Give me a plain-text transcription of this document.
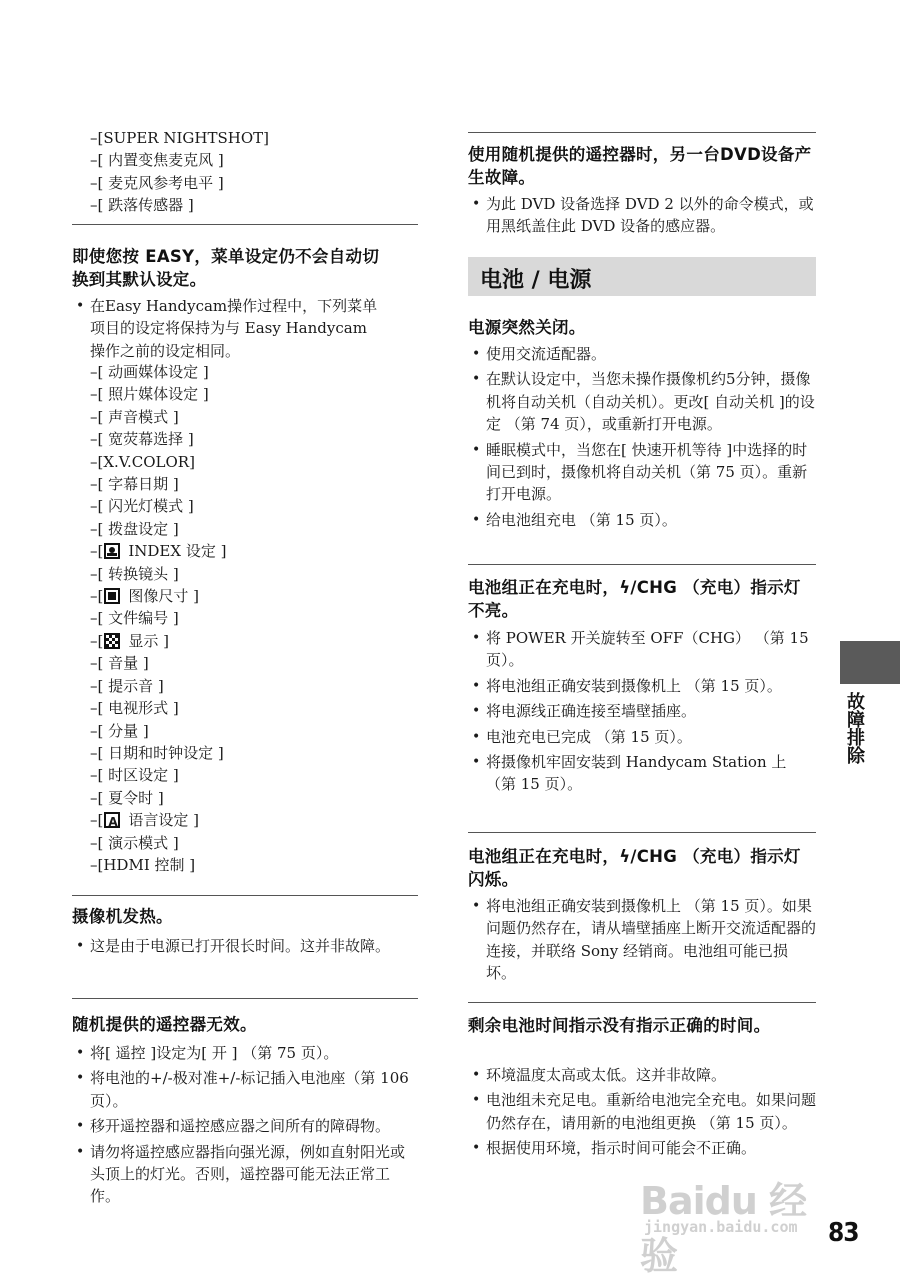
–[SUPER NIGHTSHOT]
–[ 内置变焦麦克风 ]
–[ 麦克风参考电平 ]
–[ 跌落传感器 ]
即使您按 EASY，菜单设定仍不会自动切
换到其默认设定。
• 在Easy Handycam操作过程中，下列菜单
项目的设定将保持为与 Easy Handycam
操作之前的设定相同。
–[ 动画媒体设定 ]
–[ 照片媒体设定 ]
–[ 声音模式 ]
–[ 宽荧幕选择 ]
–[X.V.COLOR]
–[ 字幕日期 ]
–[ 闪光灯模式 ]
–[ 拨盘设定 ]
–[ INDEX 设定 ]
–[ 转换镜头 ]
–[ 图像尺寸 ]
–[ 文件编号 ]
–[ 显示 ]
–[ 音量 ]
–[ 提示音 ]
–[ 电视形式 ]
–[ 分量 ]
–[ 日期和时钟设定 ]
–[ 时区设定 ]
–[ 夏令时 ]
–[A 语言设定 ]
–[ 演示模式 ]
–[HDMI 控制 ]
摄像机发热。
• 这是由于电源已打开很长时间。这并非故障。
随机提供的遥控器无效。
• 将[ 遥控 ]设定为[ 开 ] （第 75 页）。
• 将电池的+/-极对准+/-标记插入电池座（第 106 页）。
• 移开遥控器和遥控感应器之间所有的障碍物。
• 请勿将遥控感应器指向强光源，例如直射阳光或头顶上的灯光。否则，遥控器可能无法正常工作。
使用随机提供的遥控器时，另一台DVD设备产生故障。
• 为此 DVD 设备选择 DVD 2 以外的命令模式，或用黑纸盖住此 DVD 设备的感应器。
电池 / 电源
电源突然关闭。
• 使用交流适配器。
• 在默认设定中，当您未操作摄像机约5分钟，摄像机将自动关机（自动关机）。更改[ 自动关机 ]的设定 （第 74 页），或重新打开电源。
• 睡眠模式中，当您在[ 快速开机等待 ]中选择的时间已到时，摄像机将自动关机（第 75 页）。重新打开电源。
• 给电池组充电 （第 15 页）。
电池组正在充电时，ϟ/CHG （充电）指示灯不亮。
• 将 POWER 开关旋转至 OFF（CHG） （第 15 页）。
• 将电池组正确安装到摄像机上 （第 15 页）。
• 将电源线正确连接至墙壁插座。
• 电池充电已完成 （第 15 页）。
• 将摄像机牢固安装到 Handycam Station 上 （第 15 页）。
电池组正在充电时，ϟ/CHG （充电）指示灯闪烁。
• 将电池组正确安装到摄像机上 （第 15 页）。如果问题仍然存在，请从墙壁插座上断开交流适配器的连接，并联络 Sony 经销商。电池组可能已损坏。
剩余电池时间指示没有指示正确的时间。
• 环境温度太高或太低。这并非故障。
• 电池组未充足电。重新给电池完全充电。如果问题仍然存在，请用新的电池组更换 （第 15 页）。
• 根据使用环境，指示时间可能会不正确。
故障排除
Baidu 经验
jingyan.baidu.com 83
